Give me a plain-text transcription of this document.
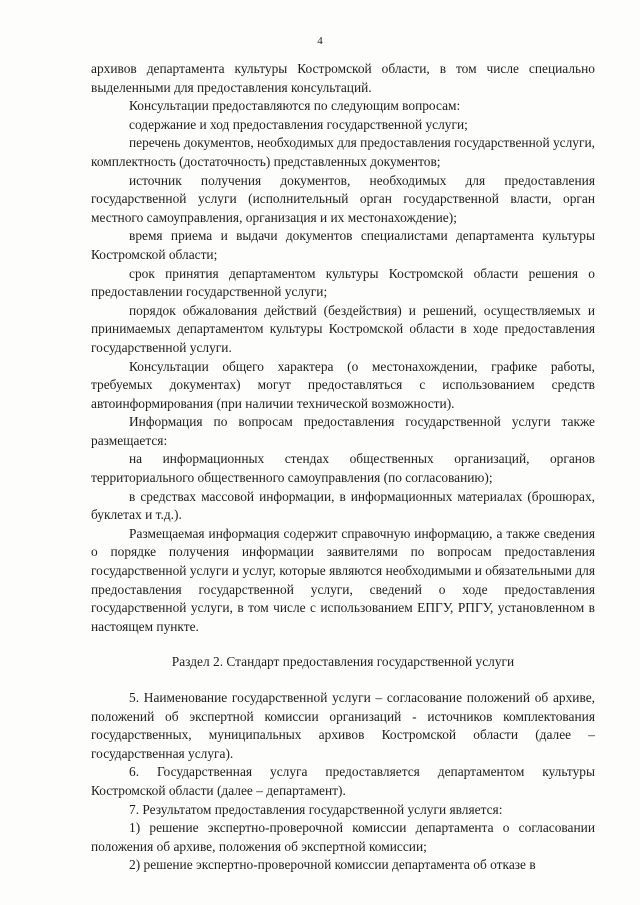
4

архивов департамента культуры Костромской области, в том числе специально выделенными для предоставления консультаций.

Консультации предоставляются по следующим вопросам:

содержание и ход предоставления государственной услуги;

перечень документов, необходимых для предоставления государственной услуги, комплектность (достаточность) представленных документов;

источник получения документов, необходимых для предоставления государственной услуги (исполнительный орган государственной власти, орган местного самоуправления, организация и их местонахождение);

время приема и выдачи документов специалистами департамента культуры Костромской области;

срок принятия департаментом культуры Костромской области решения о предоставлении государственной услуги;

порядок обжалования действий (бездействия) и решений, осуществляемых и принимаемых департаментом культуры Костромской области в ходе предоставления государственной услуги.

Консультации общего характера (о местонахождении, графике работы, требуемых документах) могут предоставляться с использованием средств автоинформирования (при наличии технической возможности).

Информация по вопросам предоставления государственной услуги также размещается:

на информационных стендах общественных организаций, органов территориального общественного самоуправления (по согласованию);

в средствах массовой информации, в информационных материалах (брошюрах, буклетах и т.д.).

Размещаемая информация содержит справочную информацию, а также сведения о порядке получения информации заявителями по вопросам предоставления государственной услуги и услуг, которые являются необходимыми и обязательными для предоставления государственной услуги, сведений о ходе предоставления государственной услуги, в том числе с использованием ЕПГУ, РПГУ, установленном в настоящем пункте.

Раздел 2. Стандарт предоставления государственной услуги

5. Наименование государственной услуги – согласование положений об архиве, положений об экспертной комиссии организаций - источников комплектования государственных, муниципальных архивов Костромской области (далее – государственная услуга).

6. Государственная услуга предоставляется департаментом культуры Костромской области (далее – департамент).

7. Результатом предоставления государственной услуги является:

1) решение экспертно-проверочной комиссии департамента о согласовании положения об архиве, положения об экспертной комиссии;

2) решение экспертно-проверочной комиссии департамента об отказе в
